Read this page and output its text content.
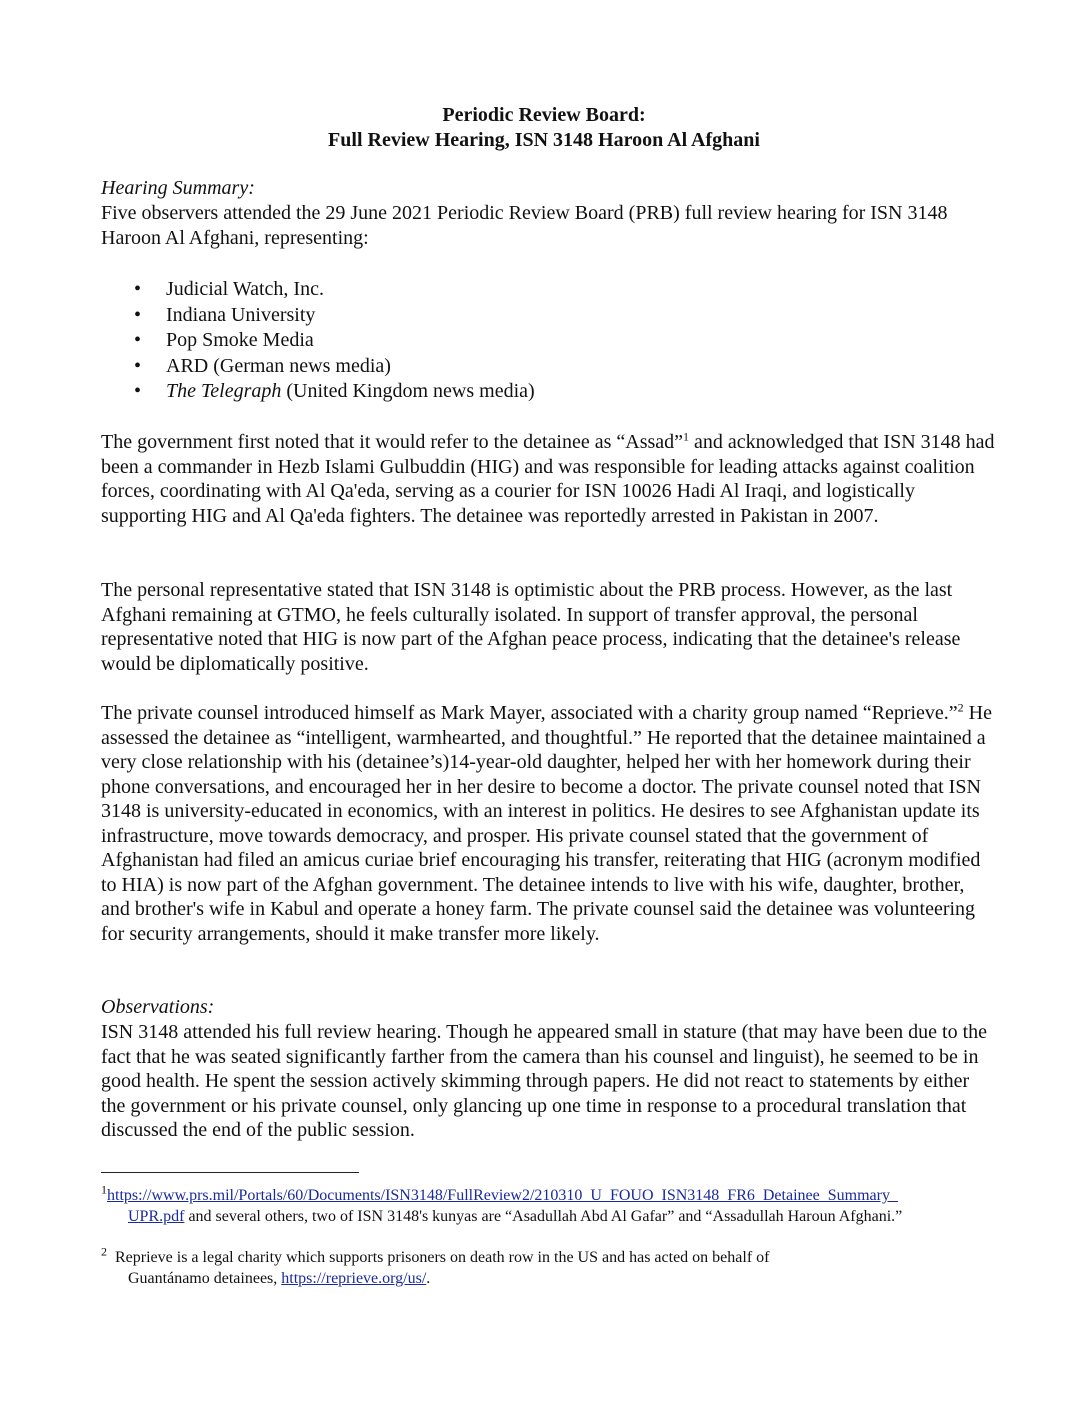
Periodic Review Board:

Full Review Hearing, ISN 3148 Haroon Al Afghani

Hearing Summary:

Five observers attended the 29 June 2021 Periodic Review Board (PRB) full review hearing for ISN 3148 Haroon Al Afghani, representing:

• Judicial Watch, Inc.
• Indiana University
• Pop Smoke Media
• ARD (German news media)
• The Telegraph (United Kingdom news media)

The government first noted that it would refer to the detainee as “Assad”$^1$ and acknowledged that ISN 3148 had been a commander in Hezb Islami Gulbuddin (HIG) and was responsible for leading attacks against coalition forces, coordinating with Al Qa'eda, serving as a courier for ISN 10026 Hadi Al Iraqi, and logistically supporting HIG and Al Qa'eda fighters. The detainee was reportedly arrested in Pakistan in 2007.

The personal representative stated that ISN 3148 is optimistic about the PRB process. However, as the last Afghani remaining at GTMO, he feels culturally isolated. In support of transfer approval, the personal representative noted that HIG is now part of the Afghan peace process, indicating that the detainee's release would be diplomatically positive.

The private counsel introduced himself as Mark Mayer, associated with a charity group named “Reprieve.”$^2$ He assessed the detainee as “intelligent, warmhearted, and thoughtful.” He reported that the detainee maintained a very close relationship with his (detainee’s)14-year-old daughter, helped her with her homework during their phone conversations, and encouraged her in her desire to become a doctor. The private counsel noted that ISN 3148 is university-educated in economics, with an interest in politics. He desires to see Afghanistan update its infrastructure, move towards democracy, and prosper. His private counsel stated that the government of Afghanistan had filed an amicus curiae brief encouraging his transfer, reiterating that HIG (acronym modified to HIA) is now part of the Afghan government. The detainee intends to live with his wife, daughter, brother, and brother's wife in Kabul and operate a honey farm. The private counsel said the detainee was volunteering for security arrangements, should it make transfer more likely.

Observations:

ISN 3148 attended his full review hearing. Though he appeared small in stature (that may have been due to the fact that he was seated significantly farther from the camera than his counsel and linguist), he seemed to be in good health. He spent the session actively skimming through papers. He did not react to statements by either the government or his private counsel, only glancing up one time in response to a procedural translation that discussed the end of the public session.

$^1$https://www.prs.mil/Portals/60/Documents/ISN3148/FullReview2/210310_U_FOUO_ISN3148_FR6_Detainee_Summary_
UPR.pdf and several others, two of ISN 3148's kunyas are “Asadullah Abd Al Gafar” and “Assadullah Haroun Afghani.”

$^2$ Reprieve is a legal charity which supports prisoners on death row in the US and has acted on behalf of
Guantánamo detainees, https://reprieve.org/us/.
